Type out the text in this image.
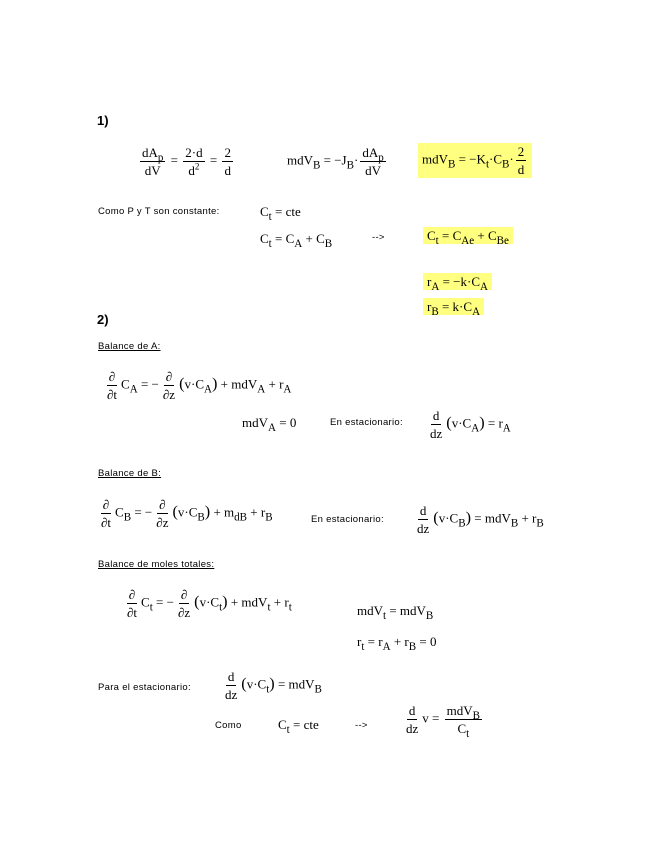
1)
$\frac{dA_p}{dV} = \frac{2\cdot d}{d^2} = \frac{2}{d}$	$mdV_B = -J_B\cdot \frac{dA_p}{dV}$	$mdV_B = -K_t\cdot C_B\cdot \frac{2}{d}$
Como P y T son constante:	$C_t$ = cte
$C_t = C_A + C_B$
-->	$C_t = C_{Ae} + C_{Be}$
$r_A = -k\cdot C_A$
$r_B = k\cdot C_A$
2)
Balance de A:
$\frac{\partial}{\partial t} C_A$ = − $\frac{\partial}{\partial z} (v\cdot C_A) + mdV_A + r_A$
mdV$_A$ = 0	En estacionario: $\frac{d}{dz} (v\cdot C_A) = r_A$
Balance de B:
$\frac{\partial}{\partial t} C_B$ = − $\frac{\partial}{\partial z} (v\cdot C_B) + m_{dB} + r_B$	En estacionario: $\frac{d}{dz} (v\cdot C_B) = mdV_B + r_B$
Balance de moles totales:
$\frac{\partial}{\partial t} C_t$ = − $\frac{\partial}{\partial z} (v\cdot C_t) + mdV_t + r_t$	mdV$_t$ = mdV$_B$
$r_t = r_A + r_B = 0$
Para el estacionario: $\frac{d}{dz} (v\cdot C_t) = mdV_B$
Como	$C_t$ = cte	-->	$\frac{d}{dz}$ $v = \frac{mdV_B}{C_t}$
